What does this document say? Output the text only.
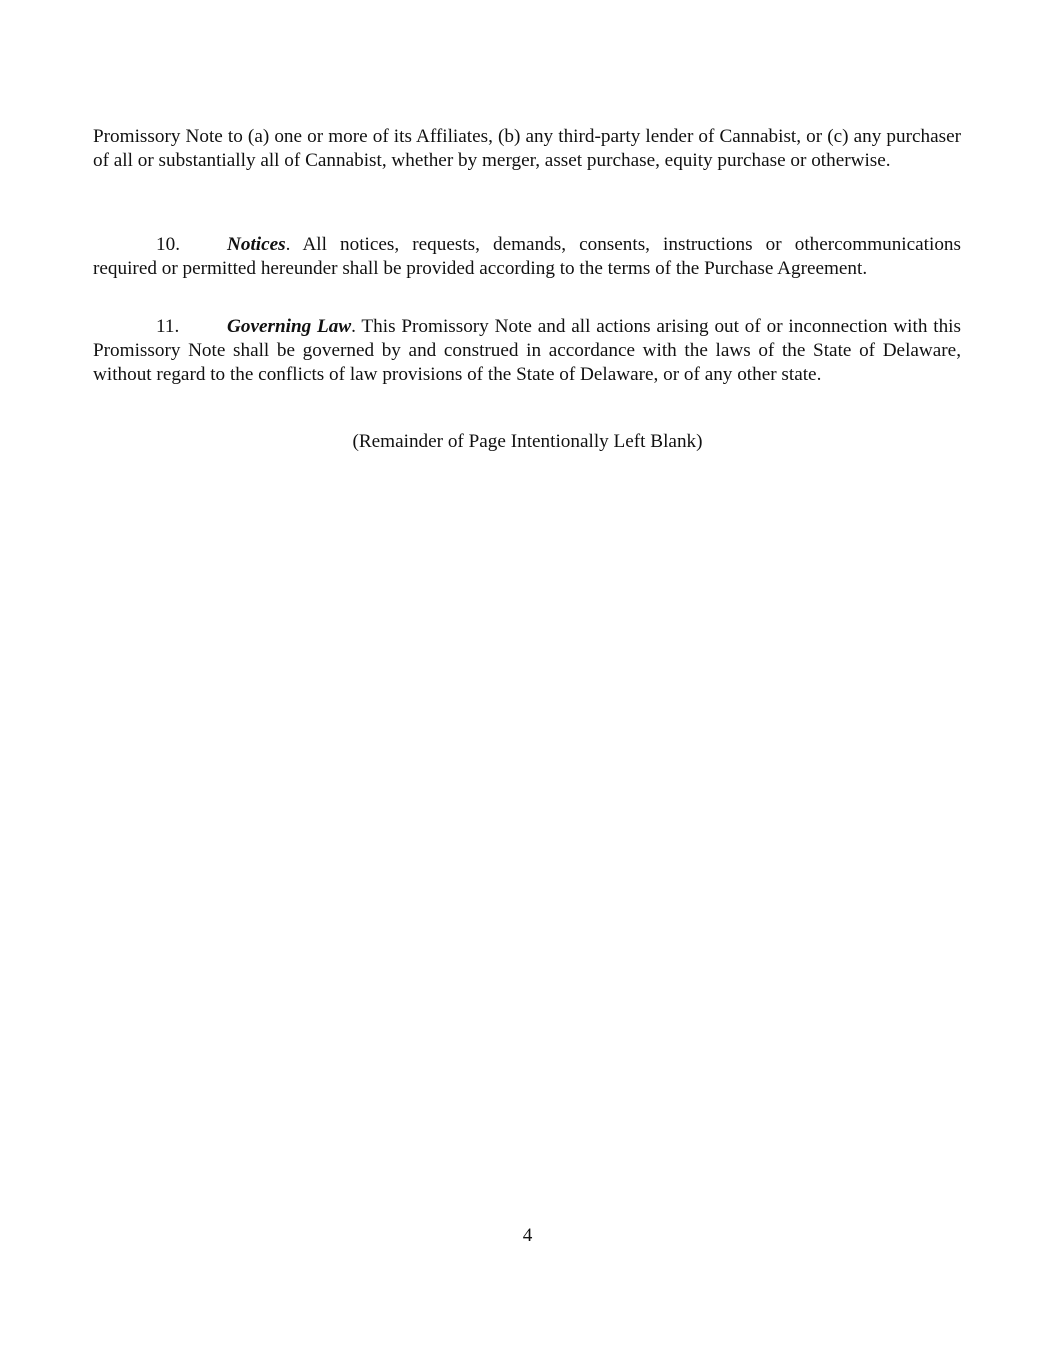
Promissory Note to (a) one or more of its Affiliates, (b) any third-party lender of Cannabist, or (c) any purchaser of all or substantially all of Cannabist, whether by merger, asset purchase, equity purchase or otherwise.

10. Notices. All notices, requests, demands, consents, instructions or othercommunications required or permitted hereunder shall be provided according to the terms of the Purchase Agreement.

11. Governing Law. This Promissory Note and all actions arising out of or inconnection with this Promissory Note shall be governed by and construed in accordance with the laws of the State of Delaware, without regard to the conflicts of law provisions of the State of Delaware, or of any other state.

(Remainder of Page Intentionally Left Blank)

4
